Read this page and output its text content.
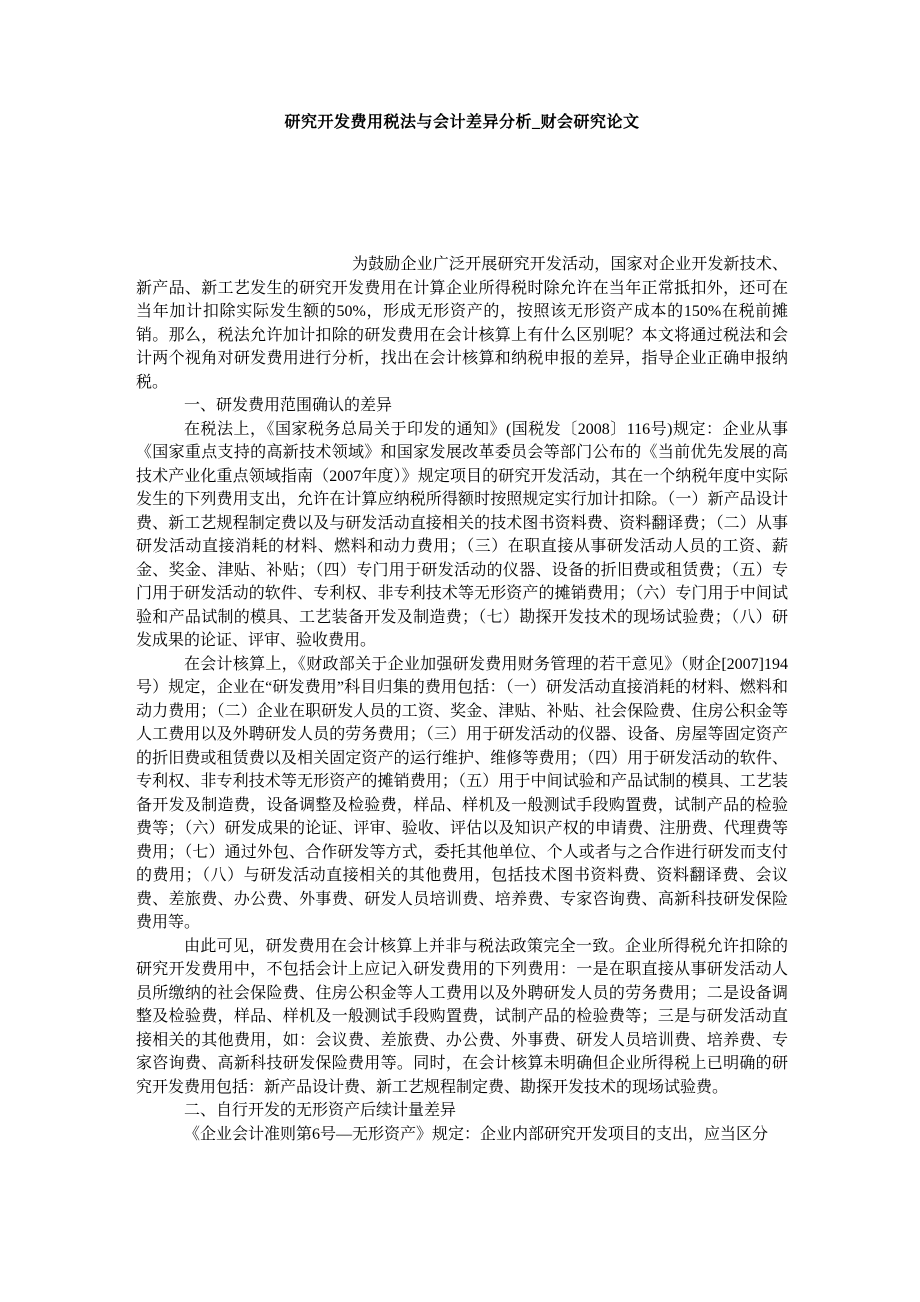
研究开发费用税法与会计差异分析_财会研究论文

为鼓励企业广泛开展研究开发活动，国家对企业开发新技术、新产品、新工艺发生的研究开发费用在计算企业所得税时除允许在当年正常抵扣外，还可在当年加计扣除实际发生额的50%，形成无形资产的，按照该无形资产成本的150%在税前摊销。那么，税法允许加计扣除的研发费用在会计核算上有什么区别呢？本文将通过税法和会计两个视角对研发费用进行分析，找出在会计核算和纳税申报的差异，指导企业正确申报纳税。

一、研发费用范围确认的差异

在税法上，《国家税务总局关于印发的通知》(国税发〔2008〕116号)规定：企业从事《国家重点支持的高新技术领域》和国家发展改革委员会等部门公布的《当前优先发展的高技术产业化重点领域指南（2007年度）》规定项目的研究开发活动，其在一个纳税年度中实际发生的下列费用支出，允许在计算应纳税所得额时按照规定实行加计扣除。（一）新产品设计费、新工艺规程制定费以及与研发活动直接相关的技术图书资料费、资料翻译费；（二）从事研发活动直接消耗的材料、燃料和动力费用；（三）在职直接从事研发活动人员的工资、薪金、奖金、津贴、补贴；（四）专门用于研发活动的仪器、设备的折旧费或租赁费；（五）专门用于研发活动的软件、专利权、非专利技术等无形资产的摊销费用；（六）专门用于中间试验和产品试制的模具、工艺装备开发及制造费；（七）勘探开发技术的现场试验费；（八）研发成果的论证、评审、验收费用。

在会计核算上，《财政部关于企业加强研发费用财务管理的若干意见》（财企[2007]194号）规定，企业在“研发费用”科目归集的费用包括：（一）研发活动直接消耗的材料、燃料和动力费用；（二）企业在职研发人员的工资、奖金、津贴、补贴、社会保险费、住房公积金等人工费用以及外聘研发人员的劳务费用；（三）用于研发活动的仪器、设备、房屋等固定资产的折旧费或租赁费以及相关固定资产的运行维护、维修等费用；（四）用于研发活动的软件、专利权、非专利技术等无形资产的摊销费用；（五）用于中间试验和产品试制的模具、工艺装备开发及制造费，设备调整及检验费，样品、样机及一般测试手段购置费，试制产品的检验费等；（六）研发成果的论证、评审、验收、评估以及知识产权的申请费、注册费、代理费等费用；（七）通过外包、合作研发等方式，委托其他单位、个人或者与之合作进行研发而支付的费用；（八）与研发活动直接相关的其他费用，包括技术图书资料费、资料翻译费、会议费、差旅费、办公费、外事费、研发人员培训费、培养费、专家咨询费、高新科技研发保险费用等。

由此可见，研发费用在会计核算上并非与税法政策完全一致。企业所得税允许扣除的研究开发费用中，不包括会计上应记入研发费用的下列费用：一是在职直接从事研发活动人员所缴纳的社会保险费、住房公积金等人工费用以及外聘研发人员的劳务费用；二是设备调整及检验费，样品、样机及一般测试手段购置费，试制产品的检验费等；三是与研发活动直接相关的其他费用，如：会议费、差旅费、办公费、外事费、研发人员培训费、培养费、专家咨询费、高新科技研发保险费用等。同时，在会计核算未明确但企业所得税上已明确的研究开发费用包括：新产品设计费、新工艺规程制定费、勘探开发技术的现场试验费。

二、自行开发的无形资产后续计量差异

《企业会计准则第6号—无形资产》规定：企业内部研究开发项目的支出，应当区分
